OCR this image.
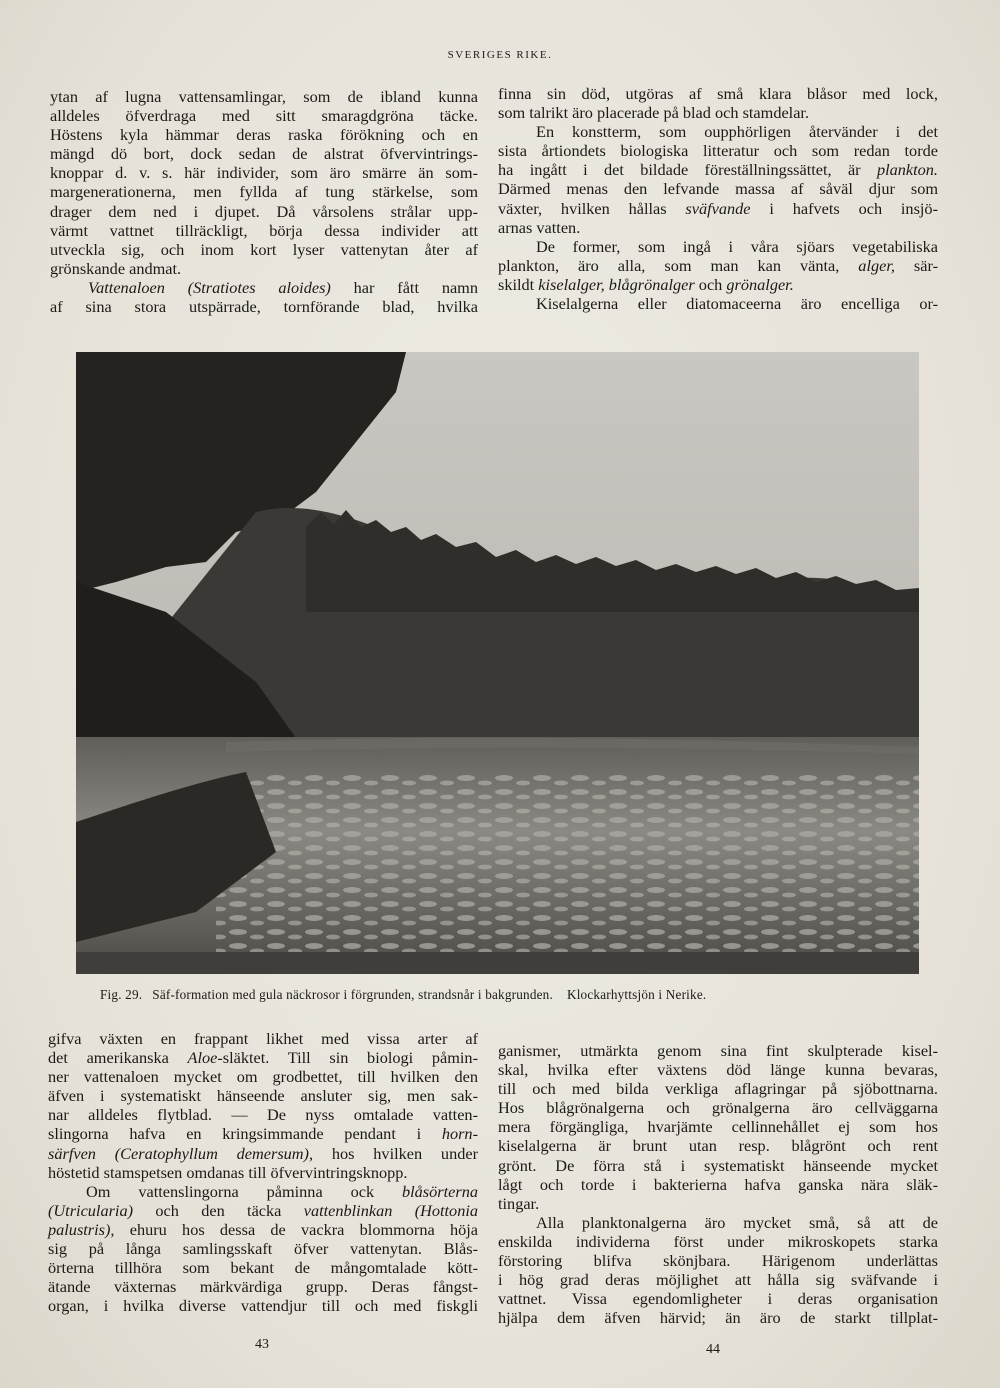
SVERIGES RIKE.

ytan af lugna vattensamlingar, som de ibland kunna

alldeles öfverdraga med sitt smaragdgröna täcke.

Höstens kyla hämmar deras raska förökning och en

mängd dö bort, dock sedan de alstrat öfvervintrings-

knoppar d. v. s. här individer, som äro smärre än som-

margenerationerna, men fyllda af tung stärkelse, som

drager dem ned i djupet. Då vårsolens strålar upp-

värmt vattnet tillräckligt, börja dessa individer att

utveckla sig, och inom kort lyser vattenytan åter af

grönskande andmat.

Vattenaloen (Stratiotes aloides) har fått namn

af sina stora utspärrade, tornförande blad, hvilka

finna sin död, utgöras af små klara blåsor med lock,

som talrikt äro placerade på blad och stamdelar.

En konstterm, som oupphörligen återvänder i det

sista årtiondets biologiska litteratur och som redan torde

ha ingått i det bildade föreställningssättet, är plankton.

Därmed menas den lefvande massa af såväl djur som

växter, hvilken hållas sväfvande i hafvets och insjö-

arnas vatten.

De former, som ingå i våra sjöars vegetabiliska

plankton, äro alla, som man kan vänta, alger, sär-

skildt kiselalger, blågrönalger och grönalger.

Kiselalgerna eller diatomaceerna äro encelliga or-

Fig. 29. Säf-formation med gula näckrosor i förgrunden, strandsnår i bakgrunden. Klockarhyttsjön i Nerike.

gifva växten en frappant likhet med vissa arter af

det amerikanska Aloe-släktet. Till sin biologi påmin-

ner vattenaloen mycket om grodbettet, till hvilken den

äfven i systematiskt hänseende ansluter sig, men sak-

nar alldeles flytblad. — De nyss omtalade vatten-

slingorna hafva en kringsimmande pendant i horn-

särfven (Ceratophyllum demersum), hos hvilken under

höstetid stamspetsen omdanas till öfvervintringsknopp.

Om vattenslingorna påminna ock blåsörterna

(Utricularia) och den täcka vattenblinkan (Hottonia

palustris), ehuru hos dessa de vackra blommorna höja

sig på långa samlingsskaft öfver vattenytan. Blås-

örterna tillhöra som bekant de mångomtalade kött-

ätande växternas märkvärdiga grupp. Deras fångst-

organ, i hvilka diverse vattendjur till och med fiskgli

ganismer, utmärkta genom sina fint skulpterade kisel-

skal, hvilka efter växtens död länge kunna bevaras,

till och med bilda verkliga aflagringar på sjöbottnarna.

Hos blågrönalgerna och grönalgerna äro cellväggarna

mera förgängliga, hvarjämte cellinnehållet ej som hos

kiselalgerna är brunt utan resp. blågrönt och rent

grönt. De förra stå i systematiskt hänseende mycket

lågt och torde i bakterierna hafva ganska nära släk-

tingar.

Alla planktonalgerna äro mycket små, så att de

enskilda individerna först under mikroskopets starka

förstoring blifva skönjbara. Härigenom underlättas

i hög grad deras möjlighet att hålla sig sväfvande i

vattnet. Vissa egendomligheter i deras organisation

hjälpa dem äfven härvid; än äro de starkt tillplat-

43	44
